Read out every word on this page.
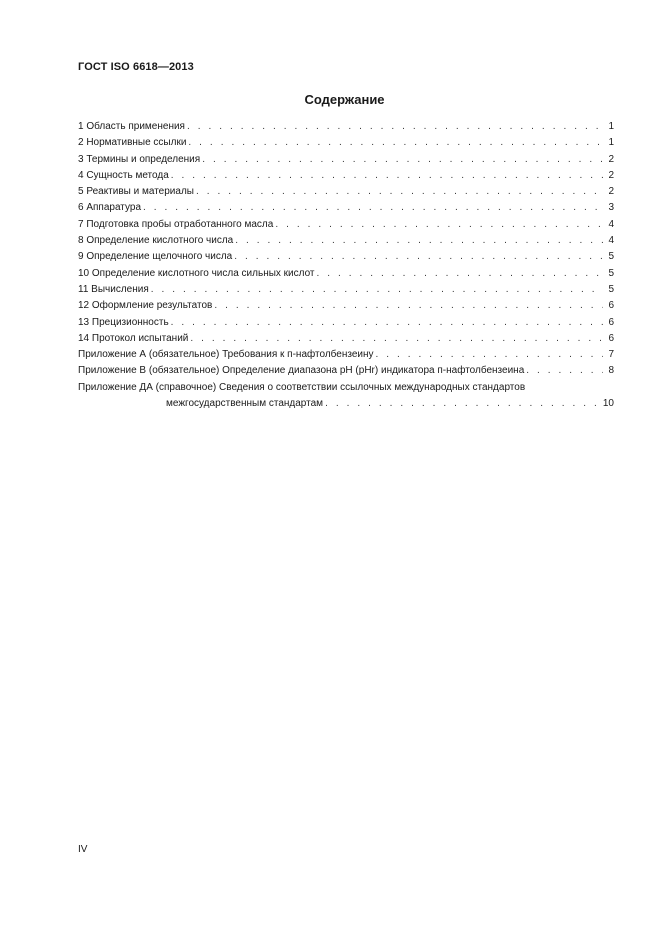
ГОСТ ISO 6618—2013
Содержание
1 Область применения . . .	1
2 Нормативные ссылки . . .	1
3 Термины и определения . . .	2
4 Сущность метода . . .	2
5 Реактивы и материалы . . .	2
6 Аппаратура . . .	3
7 Подготовка пробы отработанного масла . . .	4
8 Определение кислотного числа . . .	4
9 Определение щелочного числа . . .	5
10 Определение кислотного числа сильных кислот . . .	5
11 Вычисления . . .	5
12 Оформление результатов . . .	6
13 Прецизионность . . .	6
14 Протокол испытаний . . .	6
Приложение А (обязательное) Требования к п-нафтолбензеину . . .	7
Приложение В (обязательное) Определение диапазона pH (pHr) индикатора п-нафтолбензеина . . .	8
Приложение ДА (справочное) Сведения о соответствии ссылочных международных стандартов
межгосударственным стандартам . . .	10
IV
